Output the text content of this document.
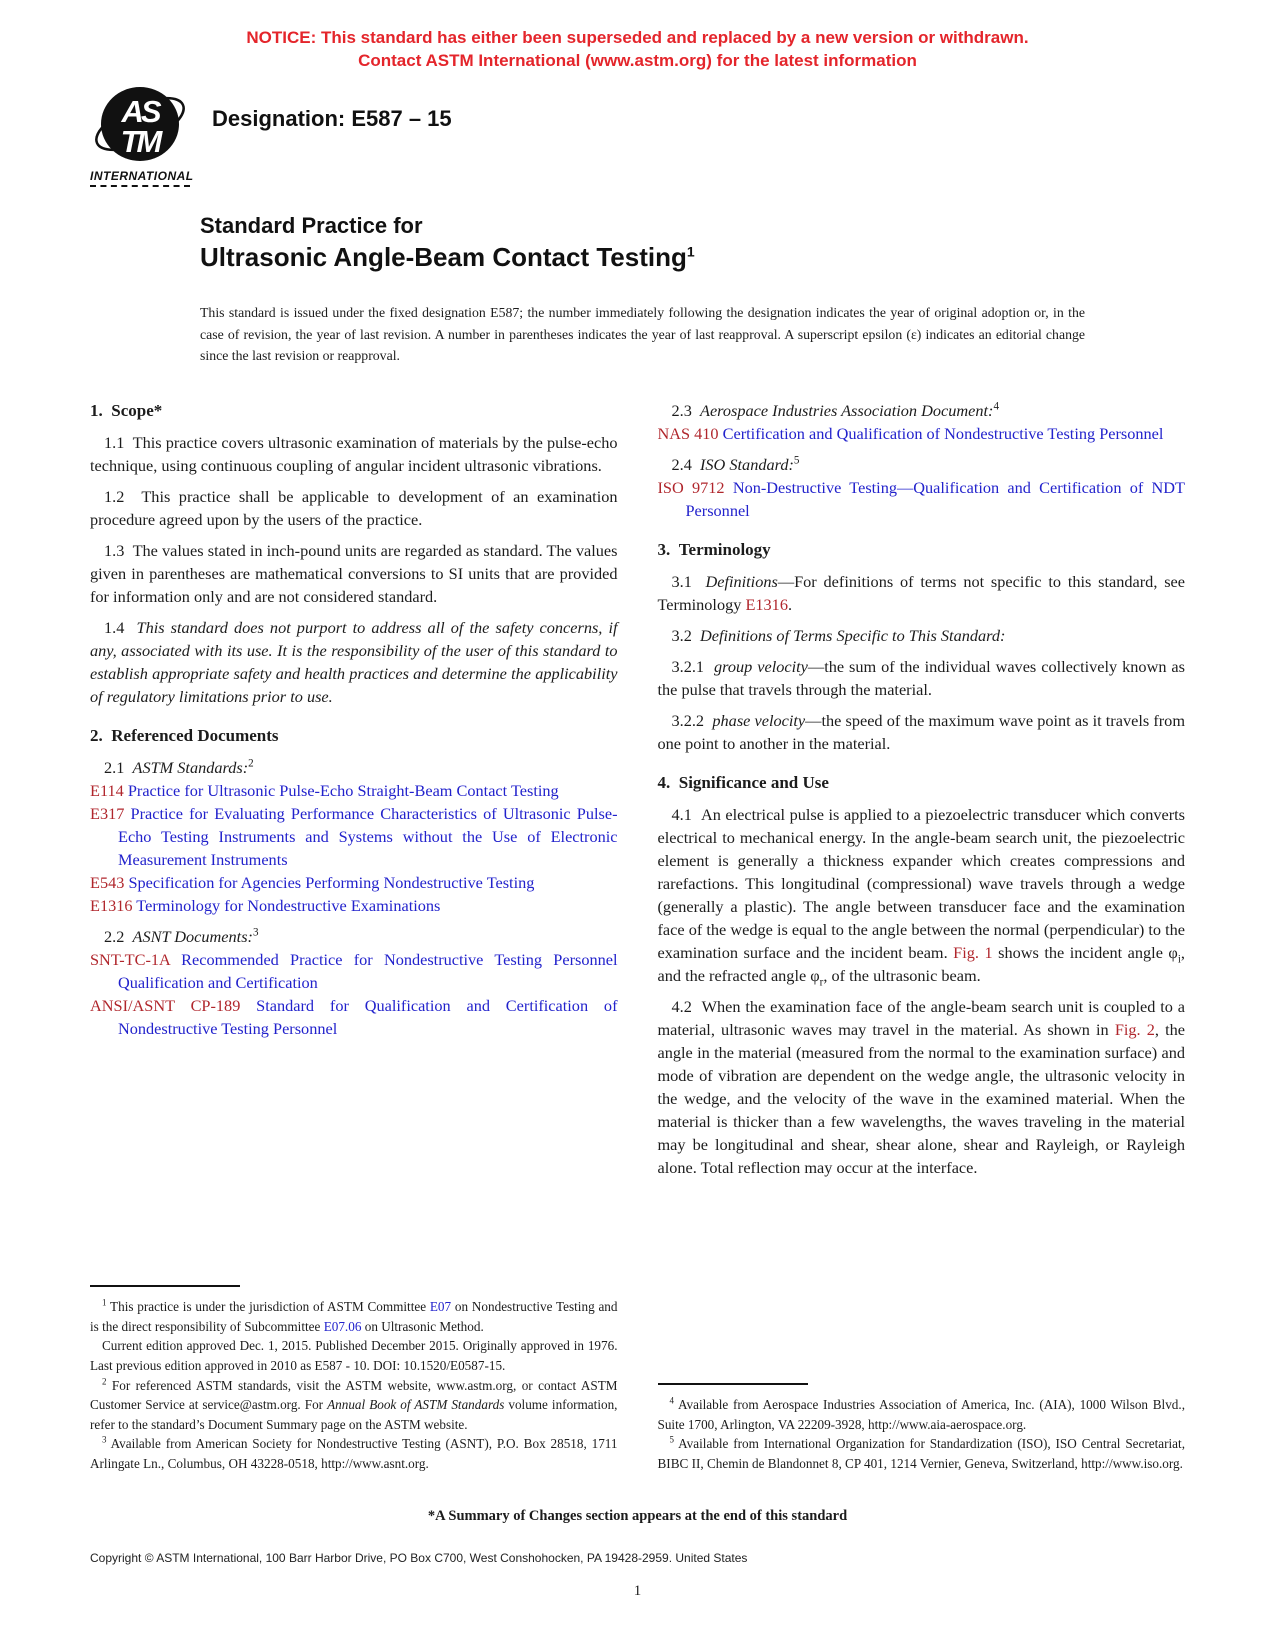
NOTICE: This standard has either been superseded and replaced by a new version or withdrawn.
Contact ASTM International (www.astm.org) for the latest information
AS
TM
INTERNATIONAL
Designation: E587 – 15
Standard Practice for
Ultrasonic Angle-Beam Contact Testing$^1$
This standard is issued under the fixed designation E587; the number immediately following the designation indicates the year of original adoption or, in the case of revision, the year of last revision. A number in parentheses indicates the year of last reapproval. A superscript epsilon (ε) indicates an editorial change since the last revision or reapproval.
1.  Scope*
1.1  This practice covers ultrasonic examination of materials by the pulse-echo technique, using continuous coupling of angular incident ultrasonic vibrations.
1.2  This practice shall be applicable to development of an examination procedure agreed upon by the users of the practice.
1.3  The values stated in inch-pound units are regarded as standard. The values given in parentheses are mathematical conversions to SI units that are provided for information only and are not considered standard.
1.4  This standard does not purport to address all of the safety concerns, if any, associated with its use. It is the responsibility of the user of this standard to establish appropriate safety and health practices and determine the applicability of regulatory limitations prior to use.
2.  Referenced Documents
2.1  ASTM Standards:$^2$
E114 Practice for Ultrasonic Pulse-Echo Straight-Beam Contact Testing
E317 Practice for Evaluating Performance Characteristics of Ultrasonic Pulse-Echo Testing Instruments and Systems without the Use of Electronic Measurement Instruments
E543 Specification for Agencies Performing Nondestructive Testing
E1316 Terminology for Nondestructive Examinations
2.2  ASNT Documents:$^3$
SNT-TC-1A Recommended Practice for Nondestructive Testing Personnel Qualification and Certification
ANSI/ASNT CP-189 Standard for Qualification and Certification of Nondestructive Testing Personnel
$^1$ This practice is under the jurisdiction of ASTM Committee E07 on Nondestructive Testing and is the direct responsibility of Subcommittee E07.06 on Ultrasonic Method.
Current edition approved Dec. 1, 2015. Published December 2015. Originally approved in 1976. Last previous edition approved in 2010 as E587 - 10. DOI: 10.1520/E0587-15.
$^2$ For referenced ASTM standards, visit the ASTM website, www.astm.org, or contact ASTM Customer Service at service@astm.org. For Annual Book of ASTM Standards volume information, refer to the standard’s Document Summary page on the ASTM website.
$^3$ Available from American Society for Nondestructive Testing (ASNT), P.O. Box 28518, 1711 Arlingate Ln., Columbus, OH 43228-0518, http://www.asnt.org.
2.3  Aerospace Industries Association Document:$^4$
NAS 410 Certification and Qualification of Nondestructive Testing Personnel
2.4  ISO Standard:$^5$
ISO 9712 Non-Destructive Testing—Qualification and Certification of NDT Personnel
3.  Terminology
3.1  Definitions—For definitions of terms not specific to this standard, see Terminology E1316.
3.2  Definitions of Terms Specific to This Standard:
3.2.1  group velocity—the sum of the individual waves collectively known as the pulse that travels through the material.
3.2.2  phase velocity—the speed of the maximum wave point as it travels from one point to another in the material.
4.  Significance and Use
4.1  An electrical pulse is applied to a piezoelectric transducer which converts electrical to mechanical energy. In the angle-beam search unit, the piezoelectric element is generally a thickness expander which creates compressions and rarefactions. This longitudinal (compressional) wave travels through a wedge (generally a plastic). The angle between transducer face and the examination face of the wedge is equal to the angle between the normal (perpendicular) to the examination surface and the incident beam. Fig. 1 shows the incident angle $\varphi_i$, and the refracted angle $\varphi_r$, of the ultrasonic beam.
4.2  When the examination face of the angle-beam search unit is coupled to a material, ultrasonic waves may travel in the material. As shown in Fig. 2, the angle in the material (measured from the normal to the examination surface) and mode of vibration are dependent on the wedge angle, the ultrasonic velocity in the wedge, and the velocity of the wave in the examined material. When the material is thicker than a few wavelengths, the waves traveling in the material may be longitudinal and shear, shear alone, shear and Rayleigh, or Rayleigh alone. Total reflection may occur at the interface.
$^4$ Available from Aerospace Industries Association of America, Inc. (AIA), 1000 Wilson Blvd., Suite 1700, Arlington, VA 22209-3928, http://www.aia-aerospace.org.
$^5$ Available from International Organization for Standardization (ISO), ISO Central Secretariat, BIBC II, Chemin de Blandonnet 8, CP 401, 1214 Vernier, Geneva, Switzerland, http://www.iso.org.
*A Summary of Changes section appears at the end of this standard
Copyright © ASTM International, 100 Barr Harbor Drive, PO Box C700, West Conshohocken, PA 19428-2959. United States
1
